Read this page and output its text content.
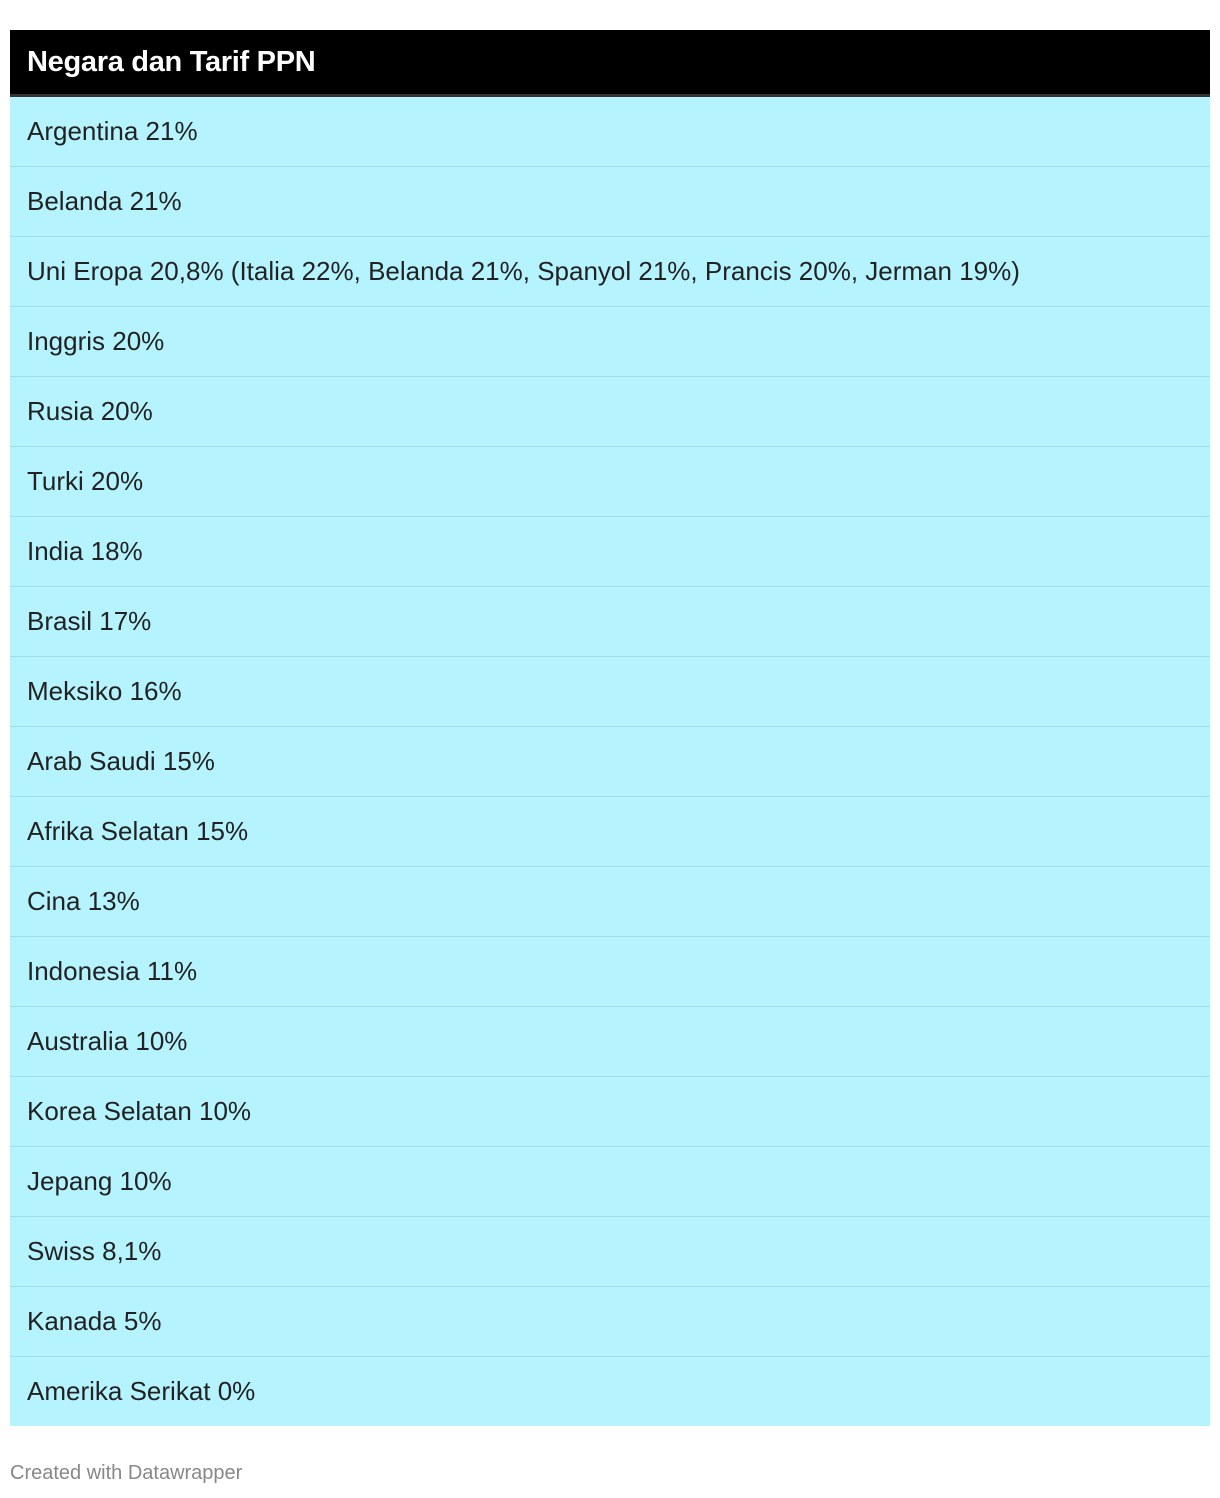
Negara dan Tarif PPN
Argentina 21%
Belanda 21%
Uni Eropa 20,8% (Italia 22%, Belanda 21%, Spanyol 21%, Prancis 20%, Jerman 19%)
Inggris 20%
Rusia 20%
Turki 20%
India 18%
Brasil 17%
Meksiko 16%
Arab Saudi 15%
Afrika Selatan 15%
Cina 13%
Indonesia 11%
Australia 10%
Korea Selatan 10%
Jepang 10%
Swiss 8,1%
Kanada 5%
Amerika Serikat 0%
Created with Datawrapper
